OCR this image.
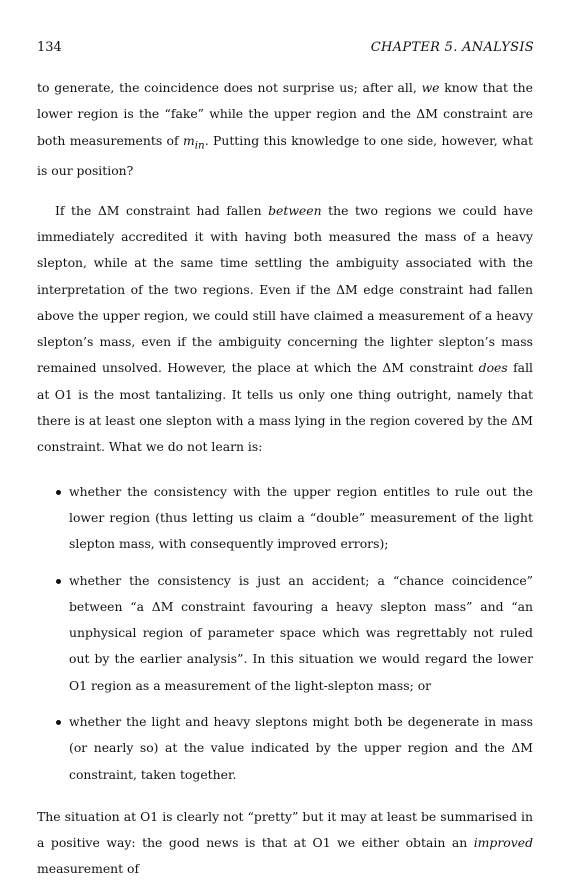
134	CHAPTER 5. ANALYSIS

to generate, the coincidence does not surprise us; after all, we know that the lower region is the “fake” while the upper region and the ΔM constraint are both measurements of $m_{in}$. Putting this knowledge to one side, however, what is our position?

If the ΔM constraint had fallen between the two regions we could have immediately accredited it with having both measured the mass of a heavy slepton, while at the same time settling the ambiguity associated with the interpretation of the two regions. Even if the ΔM edge constraint had fallen above the upper region, we could still have claimed a measurement of a heavy slepton’s mass, even if the ambiguity concerning the lighter slepton’s mass remained unsolved. However, the place at which the ΔM constraint does fall at O1 is the most tantalizing. It tells us only one thing outright, namely that there is at least one slepton with a mass lying in the region covered by the ΔM constraint. What we do not learn is:

whether the consistency with the upper region entitles to rule out the lower region (thus letting us claim a “double” measurement of the light slepton mass, with consequently improved errors);
whether the consistency is just an accident; a “chance coincidence” between “a ΔM constraint favouring a heavy slepton mass” and “an unphysical region of parameter space which was regrettably not ruled out by the earlier analysis”. In this situation we would regard the lower O1 region as a measurement of the light-slepton mass; or
whether the light and heavy sleptons might both be degenerate in mass (or nearly so) at the value indicated by the upper region and the ΔM constraint, taken together.

The situation at O1 is clearly not “pretty” but it may at least be summarised in a positive way: the good news is that at O1 we either obtain an improved measurement of
